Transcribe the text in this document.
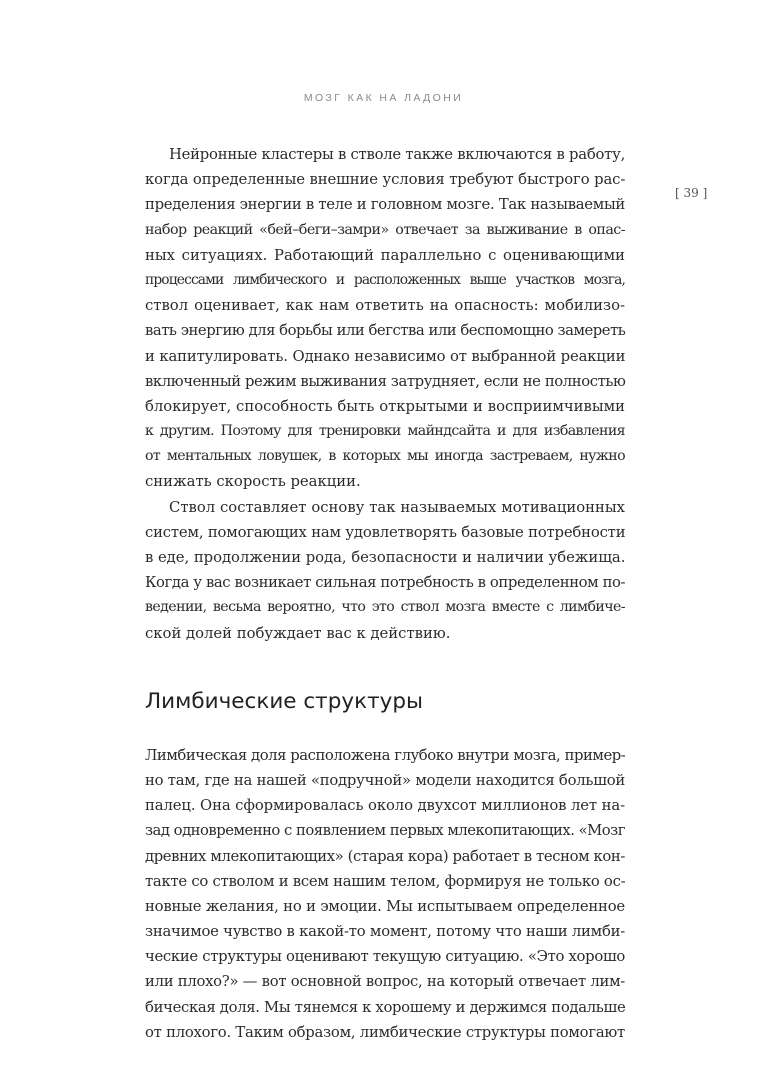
МОЗГ КАК НА ЛАДОНИ
[ 39 ]
Нейронные кластеры в стволе также включаются в работу,
когда определенные внешние условия требуют быстрого рас-
пределения энергии в теле и головном мозге. Так называемый
набор реакций «бей–беги–замри» отвечает за выживание в опас-
ных ситуациях. Работающий параллельно с оценивающими
процессами лимбического и расположенных выше участков мозга,
ствол оценивает, как нам ответить на опасность: мобилизо-
вать энергию для борьбы или бегства или беспомощно замереть
и капитулировать. Однако независимо от выбранной реакции
включенный режим выживания затрудняет, если не полностью
блокирует, способность быть открытыми и восприимчивыми
к другим. Поэтому для тренировки майндсайта и для избавления
от ментальных ловушек, в которых мы иногда застреваем, нужно
снижать скорость реакции.
Ствол составляет основу так называемых мотивационных
систем, помогающих нам удовлетворять базовые потребности
в еде, продолжении рода, безопасности и наличии убежища.
Когда у вас возникает сильная потребность в определенном по-
ведении, весьма вероятно, что это ствол мозга вместе с лимбиче-
ской долей побуждает вас к действию.
Лимбические структуры
Лимбическая доля расположена глубоко внутри мозга, пример-
но там, где на нашей «подручной» модели находится большой
палец. Она сформировалась около двухсот миллионов лет на-
зад одновременно с появлением первых млекопитающих. «Мозг
древних млекопитающих» (старая кора) работает в тесном кон-
такте со стволом и всем нашим телом, формируя не только ос-
новные желания, но и эмоции. Мы испытываем определенное
значимое чувство в какой-то момент, потому что наши лимби-
ческие структуры оценивают текущую ситуацию. «Это хорошо
или плохо?» — вот основной вопрос, на который отвечает лим-
бическая доля. Мы тянемся к хорошему и держимся подальше
от плохого. Таким образом, лимбические структуры помогают
